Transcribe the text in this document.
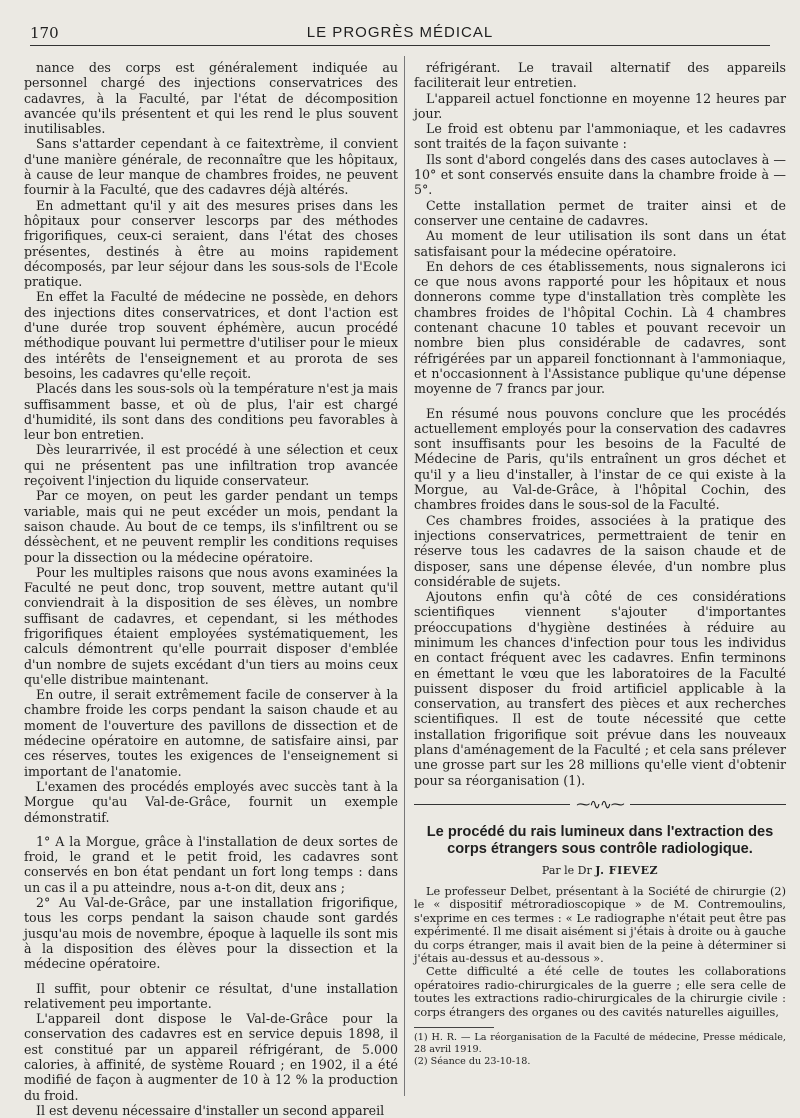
170	LE PROGRÈS MÉDICAL

nance des corps est généralement indiquée au personnel chargé des injections conservatrices des cadavres, à la Faculté, par l'état de décomposition avancée qu'ils présentent et qui les rend le plus souvent inutilisables.

Sans s'attarder cependant à ce faitextrème, il convient d'une manière générale, de reconnaître que les hôpitaux, à cause de leur manque de chambres froides, ne peuvent fournir à la Faculté, que des cadavres déjà altérés.

En admettant qu'il y ait des mesures prises dans les hôpitaux pour conserver lescorps par des méthodes frigorifiques, ceux-ci seraient, dans l'état des choses présentes, destinés à être au moins rapidement décomposés, par leur séjour dans les sous-sols de l'Ecole pratique.

En effet la Faculté de médecine ne possède, en dehors des injections dites conservatrices, et dont l'action est d'une durée trop souvent éphémère, aucun procédé méthodique pouvant lui permettre d'utiliser pour le mieux des intérêts de l'enseignement et au prorota de ses besoins, les cadavres qu'elle reçoit.

Placés dans les sous-sols où la température n'est ja mais suffisamment basse, et où de plus, l'air est chargé d'humidité, ils sont dans des conditions peu favorables à leur bon entretien.

Dès leurarrivée, il est procédé à une sélection et ceux qui ne présentent pas une infiltration trop avancée reçoivent l'injection du liquide conservateur.

Par ce moyen, on peut les garder pendant un temps variable, mais qui ne peut excéder un mois, pendant la saison chaude. Au bout de ce temps, ils s'infiltrent ou se déssèchent, et ne peuvent remplir les conditions requises pour la dissection ou la médecine opératoire.

Pour les multiples raisons que nous avons examinées la Faculté ne peut donc, trop souvent, mettre autant qu'il conviendrait à la disposition de ses élèves, un nombre suffisant de cadavres, et cependant, si les méthodes frigorifiques étaient employées systématiquement, les calculs démontrent qu'elle pourrait disposer d'emblée d'un nombre de sujets excédant d'un tiers au moins ceux qu'elle distribue maintenant.

En outre, il serait extrêmement facile de conserver à la chambre froide les corps pendant la saison chaude et au moment de l'ouverture des pavillons de dissection et de médecine opératoire en automne, de satisfaire ainsi, par ces réserves, toutes les exigences de l'enseignement si important de l'anatomie.

L'examen des procédés employés avec succès tant à la Morgue qu'au Val-de-Grâce, fournit un exemple démonstratif.

1° A la Morgue, grâce à l'installation de deux sortes de froid, le grand et le petit froid, les cadavres sont conservés en bon état pendant un fort long temps : dans un cas il a pu atteindre, nous a-t-on dit, deux ans ;

2° Au Val-de-Grâce, par une installation frigorifique, tous les corps pendant la saison chaude sont gardés jusqu'au mois de novembre, époque à laquelle ils sont mis à la disposition des élèves pour la dissection et la médecine opératoire.

Il suffit, pour obtenir ce résultat, d'une installation relativement peu importante.

L'appareil dont dispose le Val-de-Grâce pour la conservation des cadavres est en service depuis 1898, il est constitué par un appareil réfrigérant, de 5.000 calories, à affinité, de système Rouard ; en 1902, il a été modifié de façon à augmenter de 10 à 12 % la production du froid.

Il est devenu nécessaire d'installer un second appareil

réfrigérant. Le travail alternatif des appareils faciliterait leur entretien.

L'appareil actuel fonctionne en moyenne 12 heures par jour.

Le froid est obtenu par l'ammoniaque, et les cadavres sont traités de la façon suivante :

Ils sont d'abord congelés dans des cases autoclaves à — 10° et sont conservés ensuite dans la chambre froide à — 5°.

Cette installation permet de traiter ainsi et de conserver une centaine de cadavres.

Au moment de leur utilisation ils sont dans un état satisfaisant pour la médecine opératoire.

En dehors de ces établissements, nous signalerons ici ce que nous avons rapporté pour les hôpitaux et nous donnerons comme type d'installation très complète les chambres froides de l'hôpital Cochin. Là 4 chambres contenant chacune 10 tables et pouvant recevoir un nombre bien plus considérable de cadavres, sont réfrigérées par un appareil fonctionnant à l'ammoniaque, et n'occasionnent à l'Assistance publique qu'une dépense moyenne de 7 francs par jour.

En résumé nous pouvons conclure que les procédés actuellement employés pour la conservation des cadavres sont insuffisants pour les besoins de la Faculté de Médecine de Paris, qu'ils entraînent un gros déchet et qu'il y a lieu d'installer, à l'instar de ce qui existe à la Morgue, au Val-de-Grâce, à l'hôpital Cochin, des chambres froides dans le sous-sol de la Faculté.

Ces chambres froides, associées à la pratique des injections conservatrices, permettraient de tenir en réserve tous les cadavres de la saison chaude et de disposer, sans une dépense élevée, d'un nombre plus considérable de sujets.

Ajoutons enfin qu'à côté de ces considérations scientifiques viennent s'ajouter d'importantes préoccupations d'hygiène destinées à réduire au minimum les chances d'infection pour tous les individus en contact fréquent avec les cadavres. Enfin terminons en émettant le vœu que les laboratoires de la Faculté puissent disposer du froid artificiel applicable à la conservation, au transfert des pièces et aux recherches scientifiques. Il est de toute nécessité que cette installation frigorifique soit prévue dans les nouveaux plans d'aménagement de la Faculté ; et cela sans prélever une grosse part sur les 28 millions qu'elle vient d'obtenir pour sa réorganisation (1).

⁓∿∿⁓
Le procédé du rais lumineux dans l'extraction des corps étrangers sous contrôle radiologique.
Par le Dr J. FIEVEZ

Le professeur Delbet, présentant à la Société de chirurgie (2) le « dispositif métroradioscopique » de M. Contremoulins, s'exprime en ces termes : « Le radiographe n'était peut être pas expérimenté. Il me disait aisément si j'étais à droite ou à gauche du corps étranger, mais il avait bien de la peine à déterminer si j'étais au-dessus et au-dessous ».

Cette difficulté a été celle de toutes les collaborations opératoires radio-chirurgicales de la guerre ; elle sera celle de toutes les extractions radio-chirurgicales de la chirurgie civile : corps étrangers des organes ou des cavités naturelles aiguilles,

(1) H. R. — La réorganisation de la Faculté de médecine, Presse médicale, 28 avril 1919.

(2) Séance du 23-10-18.
